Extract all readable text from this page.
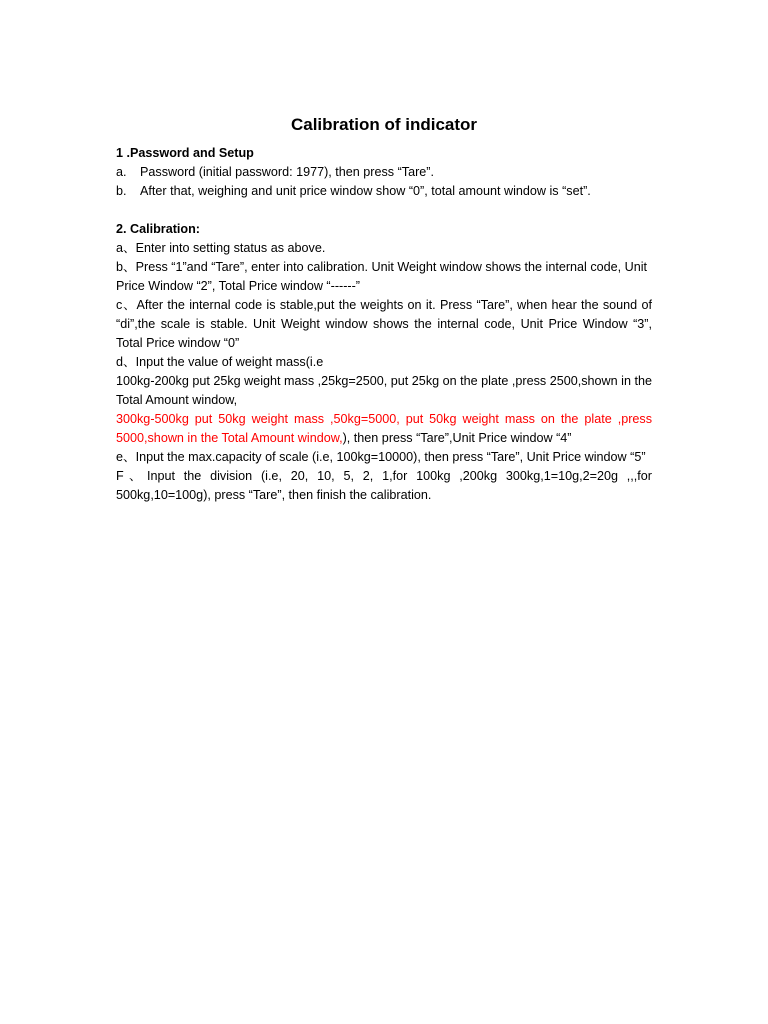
Calibration of indicator

1 .Password and Setup

a.	Password (initial password: 1977), then press “Tare”.
b.	After that, weighing and unit price window show “0”, total amount window is “set”.

2. Calibration:

a、Enter into setting status as above.

b、Press “1”and “Tare”, enter into calibration. Unit Weight window shows the internal code, Unit Price Window “2”, Total Price window “------”

c、After the internal code is stable,put the weights on it. Press “Tare”, when hear the sound of “di”,the scale is stable. Unit Weight window shows the internal code, Unit Price Window “3”, Total Price window “0”

d、Input the value of weight mass(i.e

100kg-200kg put 25kg weight mass ,25kg=2500, put 25kg on the plate ,press 2500,shown in the Total Amount window,

300kg-500kg put 50kg weight mass ,50kg=5000, put 50kg weight mass on the plate ,press 5000,shown in the Total Amount window,), then press “Tare”,Unit Price window “4”

e、Input the max.capacity of scale (i.e, 100kg=10000), then press “Tare”, Unit Price window “5”

F、Input the division (i.e, 20, 10, 5, 2, 1,for 100kg ,200kg 300kg,1=10g,2=20g ,,,for 500kg,10=100g), press “Tare”, then finish the calibration.
